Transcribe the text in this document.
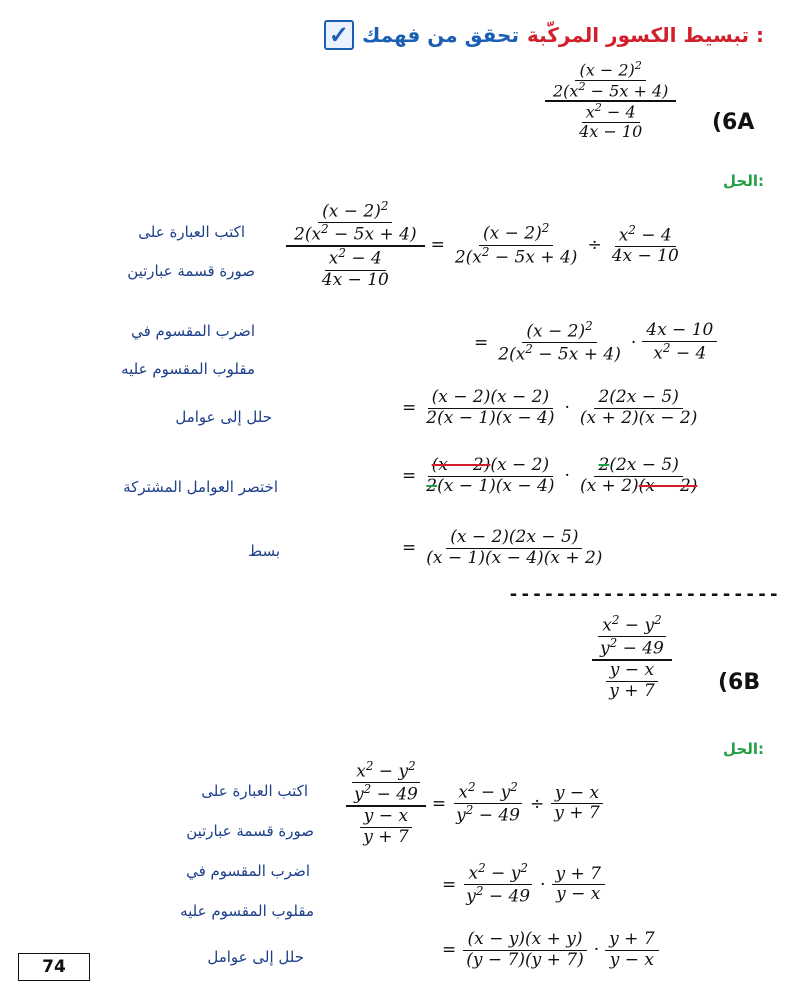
✓ تحقق من فهمك تبسيط الكسور المركّبة :
(6A
$\frac{\frac{(x - 2)^2}{2(x^2 - 5x + 4)}}{\frac{x^2 - 4}{4x - 10}}$
الحل:
اكتب العبارة على
صورة قسمة عبارتين
اضرب المقسوم في
مقلوب المقسوم عليه
حلل إلى عوامل
اختصر العوامل المشتركة
بسط
$\frac{\frac{(x - 2)^2}{2(x^2 - 5x + 4)}}{\frac{x^2 - 4}{4x - 10}} = \frac{(x - 2)^2}{2(x^2 - 5x + 4)} \div \frac{x^2 - 4}{4x - 10}$
= $\frac{(x - 2)^2}{2(x^2 - 5x + 4)} \cdot \frac{4x - 10}{x^2 - 4}$
= $\frac{(x - 2)(x - 2)}{2(x - 1)(x - 4)} \cdot \frac{2(2x - 5)}{(x + 2)(x - 2)}$
= $\frac{(x - 2)(x - 2)}{2(x - 1)(x - 4)} \cdot \frac{2(2x - 5)}{(x + 2)(x - 2)}$
= $\frac{(x - 2)(2x - 5)}{(x - 1)(x - 4)(x + 2)}$
-----------------------
(6B
$\frac{\frac{x^2 - y^2}{y^2 - 49}}{\frac{y - x}{y + 7}}$
الحل:
اكتب العبارة على
صورة قسمة عبارتين
اضرب المقسوم في
مقلوب المقسوم عليه
حلل إلى عوامل
$\frac{\frac{x^2 - y^2}{y^2 - 49}}{\frac{y - x}{y + 7}} = \frac{x^2 - y^2}{y^2 - 49} \div \frac{y - x}{y + 7}$
= $\frac{x^2 - y^2}{y^2 - 49} \cdot \frac{y + 7}{y - x}$
= $\frac{(x - y)(x + y)}{(y - 7)(y + 7)} \cdot \frac{y + 7}{y - x}$
74
